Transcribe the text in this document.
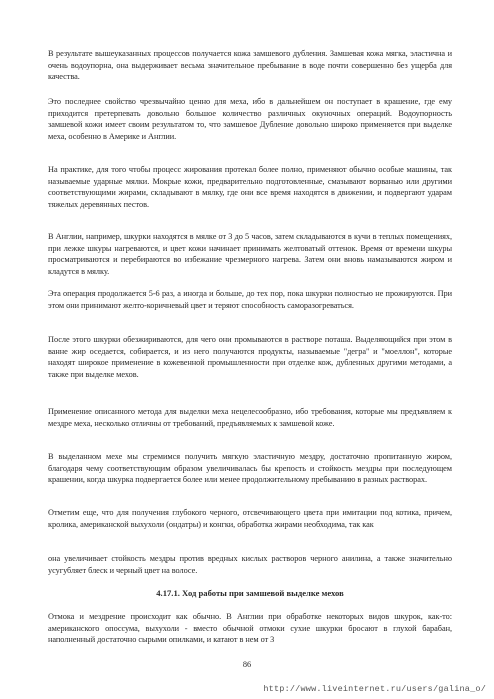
В результате вышеуказанных процессов получается кожа замшевого дубления. Замшевая кожа мягка, эластична и очень водоупорна, она выдерживает весьма значительное пребывание в воде почти совершенно без ущерба для качества.

Это последнее свойство чрезвычайно ценно для меха, ибо в дальнейшем он поступает в крашение, где ему приходится претерпевать довольно большое количество различных окуночных операций. Водоупорность замшевой кожи имеет своим результатом то, что замшевое Дубление довольно широко применяется при выделке меха, особенно в Америке и Англии.

На практике, для того чтобы процесс жирования протекал более полно, применяют обычно особые машины, так называемые ударные мялки. Мокрые кожи, предварительно подготовленные, смазывают ворванью или другими соответствующими жирами, складывают в мялку, где они все время находятся в движении, и подвергают ударам тяжелых деревянных пестов.

В Англии, например, шкурки находятся в мялке от 3 до 5 часов, затем складываются в кучи в теплых помещениях, при лежке шкуры нагреваются, и цвет кожи начинает принимать желтоватый оттенок. Время от времени шкуры просматриваются и перебираются во избежание чрезмерного нагрева. Затем они вновь намазываются жиром и кладутся в мялку.

Эта операция продолжается 5-6 раз, а иногда и больше, до тех пор, пока шкурки полностью не прожируются. При этом они принимают желто-коричневый цвет и теряют способность саморазогреваться.

После этого шкурки обезжириваются, для чего они промываются в растворе поташа. Выделяющийся при этом в ванне жир оседается, собирается, и из него получаются продукты, называемые "дегра" и "моеллон", которые находят широкое применение в кожевенной промышленности при отделке кож, дубленных другими методами, а также при выделке мехов.

Применение описанного метода для выделки меха нецелесообразно, ибо требования, которые мы предъявляем к мездре меха, несколько отличны от требований, предъявляемых к замшевой коже.

В выделанном мехе мы стремимся получить мягкую эластичную мездру, достаточно пропитанную жиром, благодаря чему соответствующим образом увеличивалась бы крепость и стойкость мездры при последующем крашении, когда шкурка подвергается более или менее продолжительному пребыванию в разных растворах.

Отметим еще, что для получения глубокого черного, отсвечивающего цвета при имитации под котика, причем, кролика, американской выхухоли (ондатры) и конгки, обработка жирами необходима, так как

она увеличивает стойкость мездры против вредных кислых растворов черного анилина, а также значительно усугубляет блеск и черный цвет на волосе.

4.17.1. Ход работы при замшевой выделке мехов

Отмока и мездрение происходит как обычно. В Англии при обработке некоторых видов шкурок, как-то: американского опоссума, выхухоли - вместо обычной отмоки сухие шкурки бросают в глухой барабан, наполненный достаточно сырыми опилками, и катают в нем от 3

86
http://www.liveinternet.ru/users/galina_o/
